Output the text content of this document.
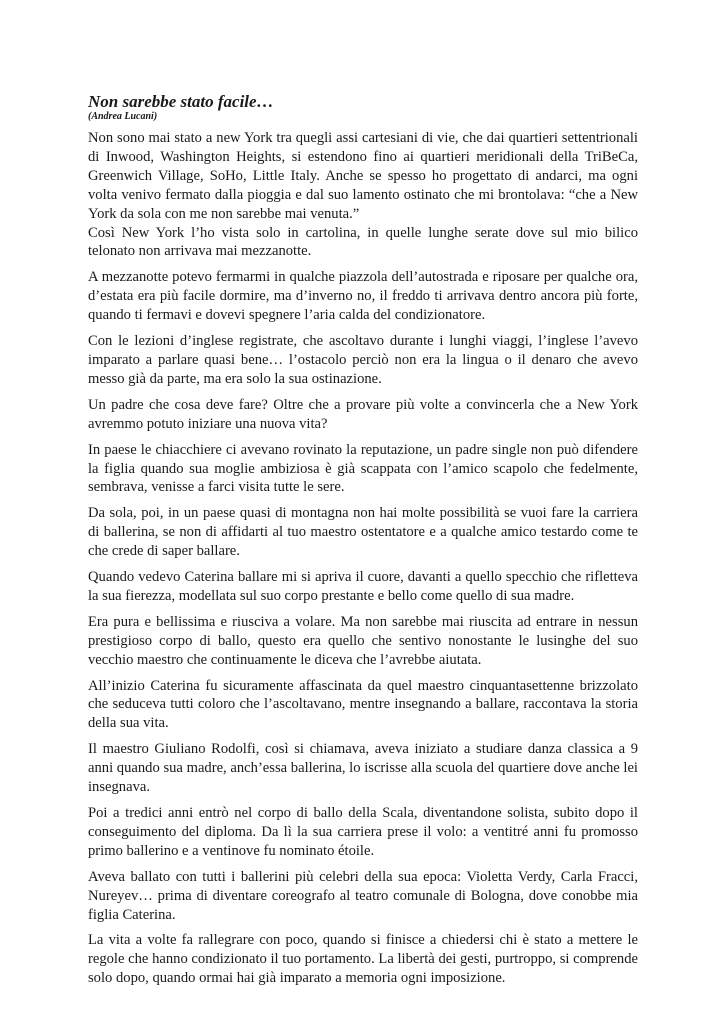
Non sarebbe stato facile…
(Andrea Lucani)

Non sono mai stato a new York tra quegli assi cartesiani di vie, che dai quartieri settentrionali di Inwood, Washington Heights, si estendono fino ai quartieri meridionali della TriBeCa, Greenwich Village, SoHo, Little Italy. Anche se spesso ho progettato di andarci, ma ogni volta venivo fermato dalla pioggia e dal suo lamento ostinato che mi brontolava: “che a New York da sola con me non sarebbe mai venuta.”

Così New York l’ho vista solo in cartolina, in quelle lunghe serate dove sul mio bilico telonato non arrivava mai mezzanotte.

A mezzanotte potevo fermarmi in qualche piazzola dell’autostrada e riposare per qualche ora, d’estata era più facile dormire, ma d’inverno no, il freddo ti arrivava dentro ancora più forte, quando ti fermavi e dovevi spegnere l’aria calda del condizionatore.

Con le lezioni d’inglese registrate, che ascoltavo durante i lunghi viaggi, l’inglese l’avevo imparato a parlare quasi bene… l’ostacolo perciò non era la lingua o il denaro che avevo messo già da parte, ma era solo la sua ostinazione.

Un padre che cosa deve fare? Oltre che a provare più volte a convincerla che a New York avremmo potuto iniziare una nuova vita?

In paese le chiacchiere ci avevano rovinato la reputazione, un padre single non può difendere la figlia quando sua moglie ambiziosa è già scappata con l’amico scapolo che fedelmente, sembrava, venisse a farci visita tutte le sere.

Da sola, poi, in un paese quasi di montagna non hai molte possibilità se vuoi fare la carriera di ballerina, se non di affidarti al tuo maestro ostentatore e a qualche amico testardo come te che crede di saper ballare.

Quando vedevo Caterina ballare mi si apriva il cuore, davanti a quello specchio che rifletteva la sua fierezza, modellata sul suo corpo prestante e bello come quello di sua madre.

Era pura e bellissima e riusciva a volare. Ma non sarebbe mai riuscita ad entrare in nessun prestigioso corpo di ballo, questo era quello che sentivo nonostante le lusinghe del suo vecchio maestro che continuamente le diceva che l’avrebbe aiutata.

All’inizio Caterina fu sicuramente affascinata da quel maestro cinquantasettenne brizzolato che seduceva tutti coloro che l’ascoltavano, mentre insegnando a ballare, raccontava la storia della sua vita.

Il maestro Giuliano Rodolfi, così si chiamava, aveva iniziato a studiare danza classica a 9 anni quando sua madre, anch’essa ballerina, lo iscrisse alla scuola del quartiere dove anche lei insegnava.

Poi a tredici anni entrò nel corpo di ballo della Scala, diventandone solista, subito dopo il conseguimento del diploma. Da lì la sua carriera prese il volo: a ventitré anni fu promosso primo ballerino e a ventinove fu nominato étoile.

Aveva ballato con tutti i ballerini più celebri della sua epoca: Violetta Verdy, Carla Fracci, Nureyev… prima di diventare coreografo al teatro comunale di Bologna, dove conobbe mia figlia Caterina.

La vita a volte fa rallegrare con poco, quando si finisce a chiedersi chi è stato a mettere le regole che hanno condizionato il tuo portamento. La libertà dei gesti, purtroppo, si comprende solo dopo, quando ormai hai già imparato a memoria ogni imposizione.
